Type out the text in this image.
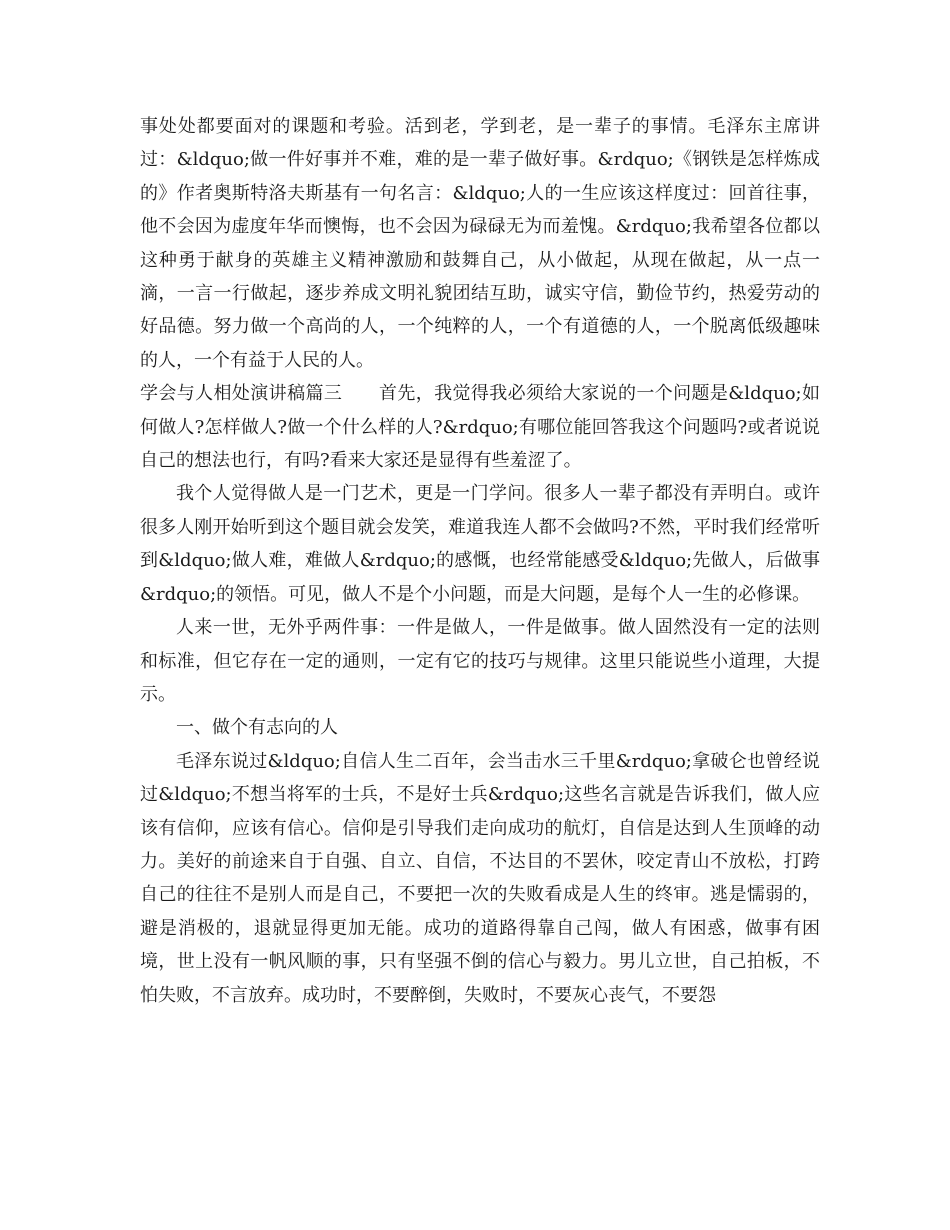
事处处都要面对的课题和考验。活到老，学到老，是一辈子的事情。毛泽东主席讲过：&ldquo;做一件好事并不难，难的是一辈子做好事。&rdquo;《钢铁是怎样炼成的》作者奥斯特洛夫斯基有一句名言：&ldquo;人的一生应该这样度过：回首往事，他不会因为虚度年华而懊悔，也不会因为碌碌无为而羞愧。&rdquo;我希望各位都以这种勇于献身的英雄主义精神激励和鼓舞自己，从小做起，从现在做起，从一点一滴，一言一行做起，逐步养成文明礼貌团结互助，诚实守信，勤俭节约，热爱劳动的好品德。努力做一个高尚的人，一个纯粹的人，一个有道德的人，一个脱离低级趣味的人，一个有益于人民的人。

学会与人相处演讲稿篇三　　首先，我觉得我必须给大家说的一个问题是&ldquo;如何做人?怎样做人?做一个什么样的人?&rdquo;有哪位能回答我这个问题吗?或者说说自己的想法也行，有吗?看来大家还是显得有些羞涩了。

我个人觉得做人是一门艺术，更是一门学问。很多人一辈子都没有弄明白。或许很多人刚开始听到这个题目就会发笑，难道我连人都不会做吗?不然，平时我们经常听到&ldquo;做人难，难做人&rdquo;的感慨，也经常能感受&ldquo;先做人，后做事&rdquo;的领悟。可见，做人不是个小问题，而是大问题，是每个人一生的必修课。

人来一世，无外乎两件事：一件是做人，一件是做事。做人固然没有一定的法则和标准，但它存在一定的通则，一定有它的技巧与规律。这里只能说些小道理，大提示。

一、做个有志向的人

毛泽东说过&ldquo;自信人生二百年，会当击水三千里&rdquo;拿破仑也曾经说过&ldquo;不想当将军的士兵，不是好士兵&rdquo;这些名言就是告诉我们，做人应该有信仰，应该有信心。信仰是引导我们走向成功的航灯，自信是达到人生顶峰的动力。美好的前途来自于自强、自立、自信，不达目的不罢休，咬定青山不放松，打跨自己的往往不是别人而是自己，不要把一次的失败看成是人生的终审。逃是懦弱的，避是消极的，退就显得更加无能。成功的道路得靠自己闯，做人有困惑，做事有困境，世上没有一帆风顺的事，只有坚强不倒的信心与毅力。男儿立世，自己拍板，不怕失败，不言放弃。成功时，不要醉倒，失败时，不要灰心丧气，不要怨
